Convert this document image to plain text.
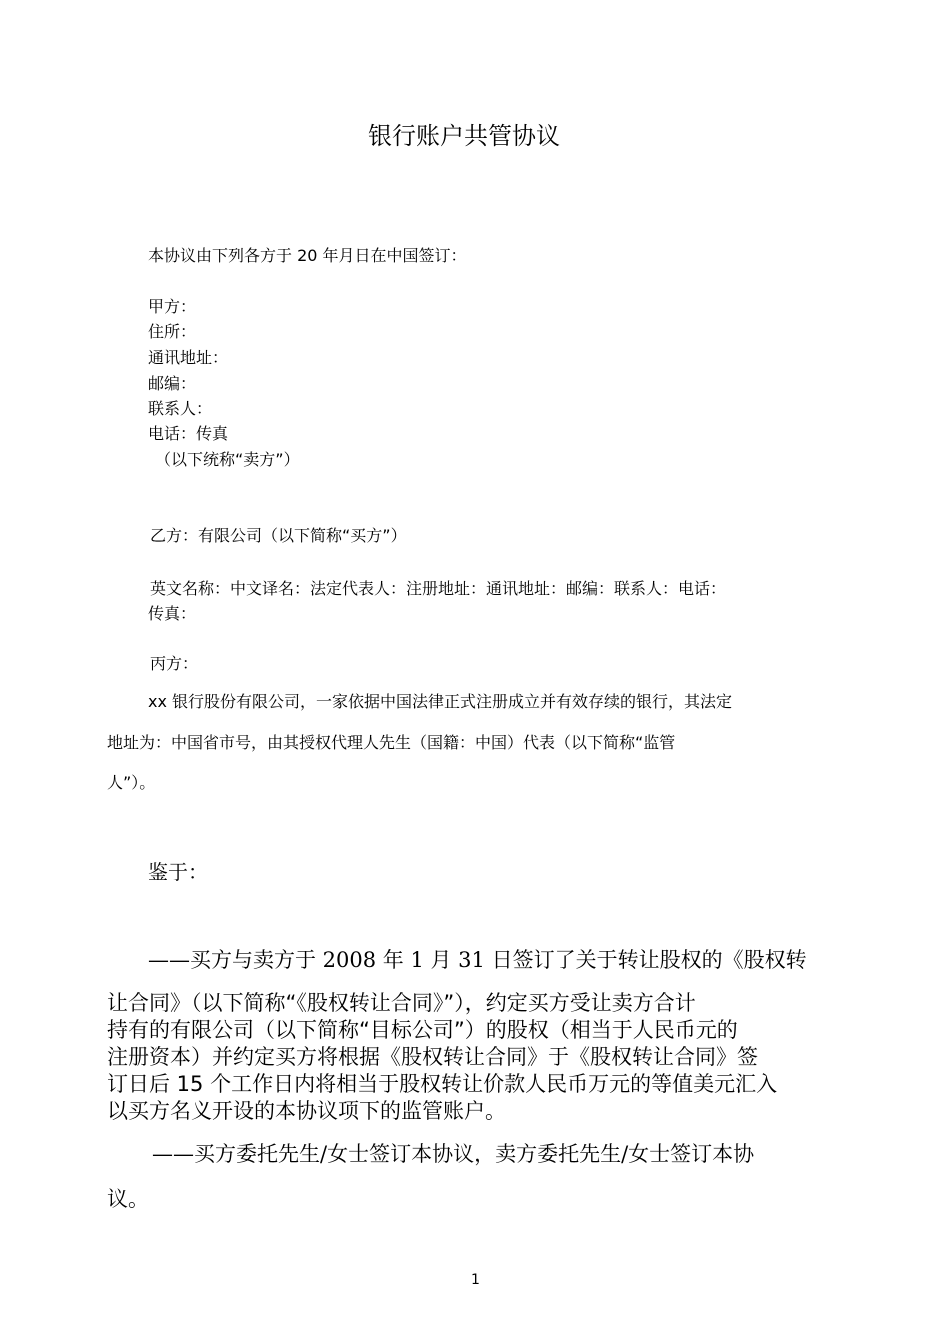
银行账户共管协议

本协议由下列各方于 20 年月日在中国签订：

甲方：

住所：

通讯地址：

邮编：

联系人：

电话：传真

（以下统称“卖方”）

乙方：有限公司（以下简称“买方”）

英文名称：中文译名：法定代表人：注册地址：通讯地址：邮编：联系人：电话：

传真：

丙方：

xx 银行股份有限公司，一家依据中国法律正式注册成立并有效存续的银行，其法定

地址为：中国省市号，由其授权代理人先生（国籍：中国）代表（以下简称“监管

人”）。

鉴于：

——买方与卖方于 2008 年 1 月 31 日签订了关于转让股权的《股权转

让合同》（以下简称“《股权转让合同》”），约定买方受让卖方合计

持有的有限公司（以下简称“目标公司”）的股权（相当于人民币元的

注册资本）并约定买方将根据《股权转让合同》于《股权转让合同》签

订日后 15 个工作日内将相当于股权转让价款人民币万元的等值美元汇入

以买方名义开设的本协议项下的监管账户。

——买方委托先生/女士签订本协议，卖方委托先生/女士签订本协

议。

1
